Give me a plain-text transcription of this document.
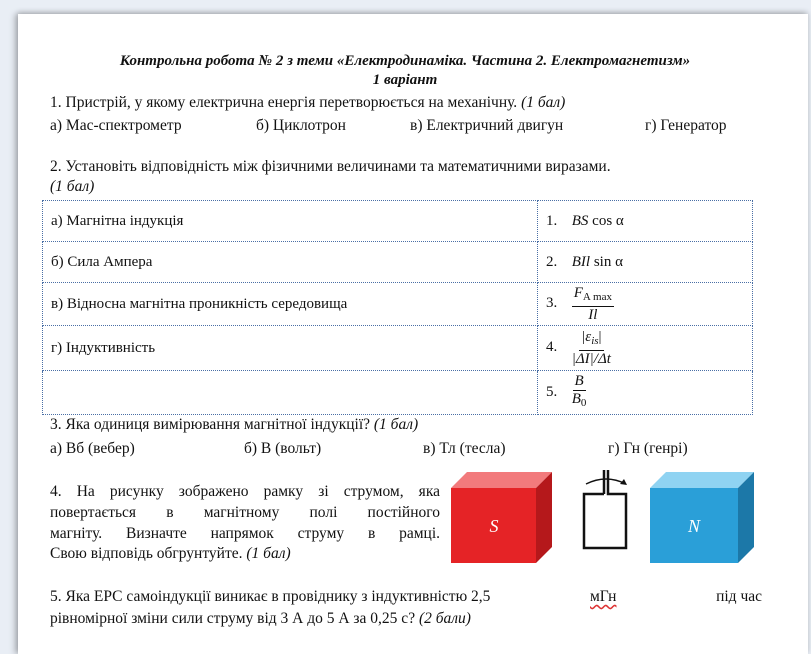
Контрольна робота № 2 з теми «Електродинаміка. Частина 2. Електромагнетизм»
1 варіант
1. Пристрій, у якому електрична енергія перетворюється на механічну. (1 бал)
а) Мас-спектрометр	б) Циклотрон	в) Електричний двигун	г) Генератор
2. Установіть відповідність між фізичними величинами та математичними виразами.
(1 бал)
а) Магнітна індукція	1. BS cos α
б) Сила Ампера	2. BIl sin α
в) Відносна магнітна проникність середовища	3. $\frac{F_{A max}}{Il}$

г) Індуктивність	4. $\frac{|\varepsilon_{is}|}{|\Delta I|/\Delta t}$

	5. $\frac{B}{B_0}$
3. Яка одиниця вимірювання магнітної індукції? (1 бал)
а) Вб (вебер)	б) В (вольт)	в) Тл (тесла)	г) Гн (генрі)
4. На рисунку зображено рамку зі струмом, яка
повертається в магнітному полі постійного
магніту. Визначте напрямок струму в рамці.
Свою відповідь обгрунтуйте. (1 бал)
S	N
5. Яка ЕРС самоіндукції виникає в провіднику з індуктивністю 2,5	мГн	під час
рівномірної зміни сили струму від 3 А до 5 А за 0,25 с? (2 бали)
